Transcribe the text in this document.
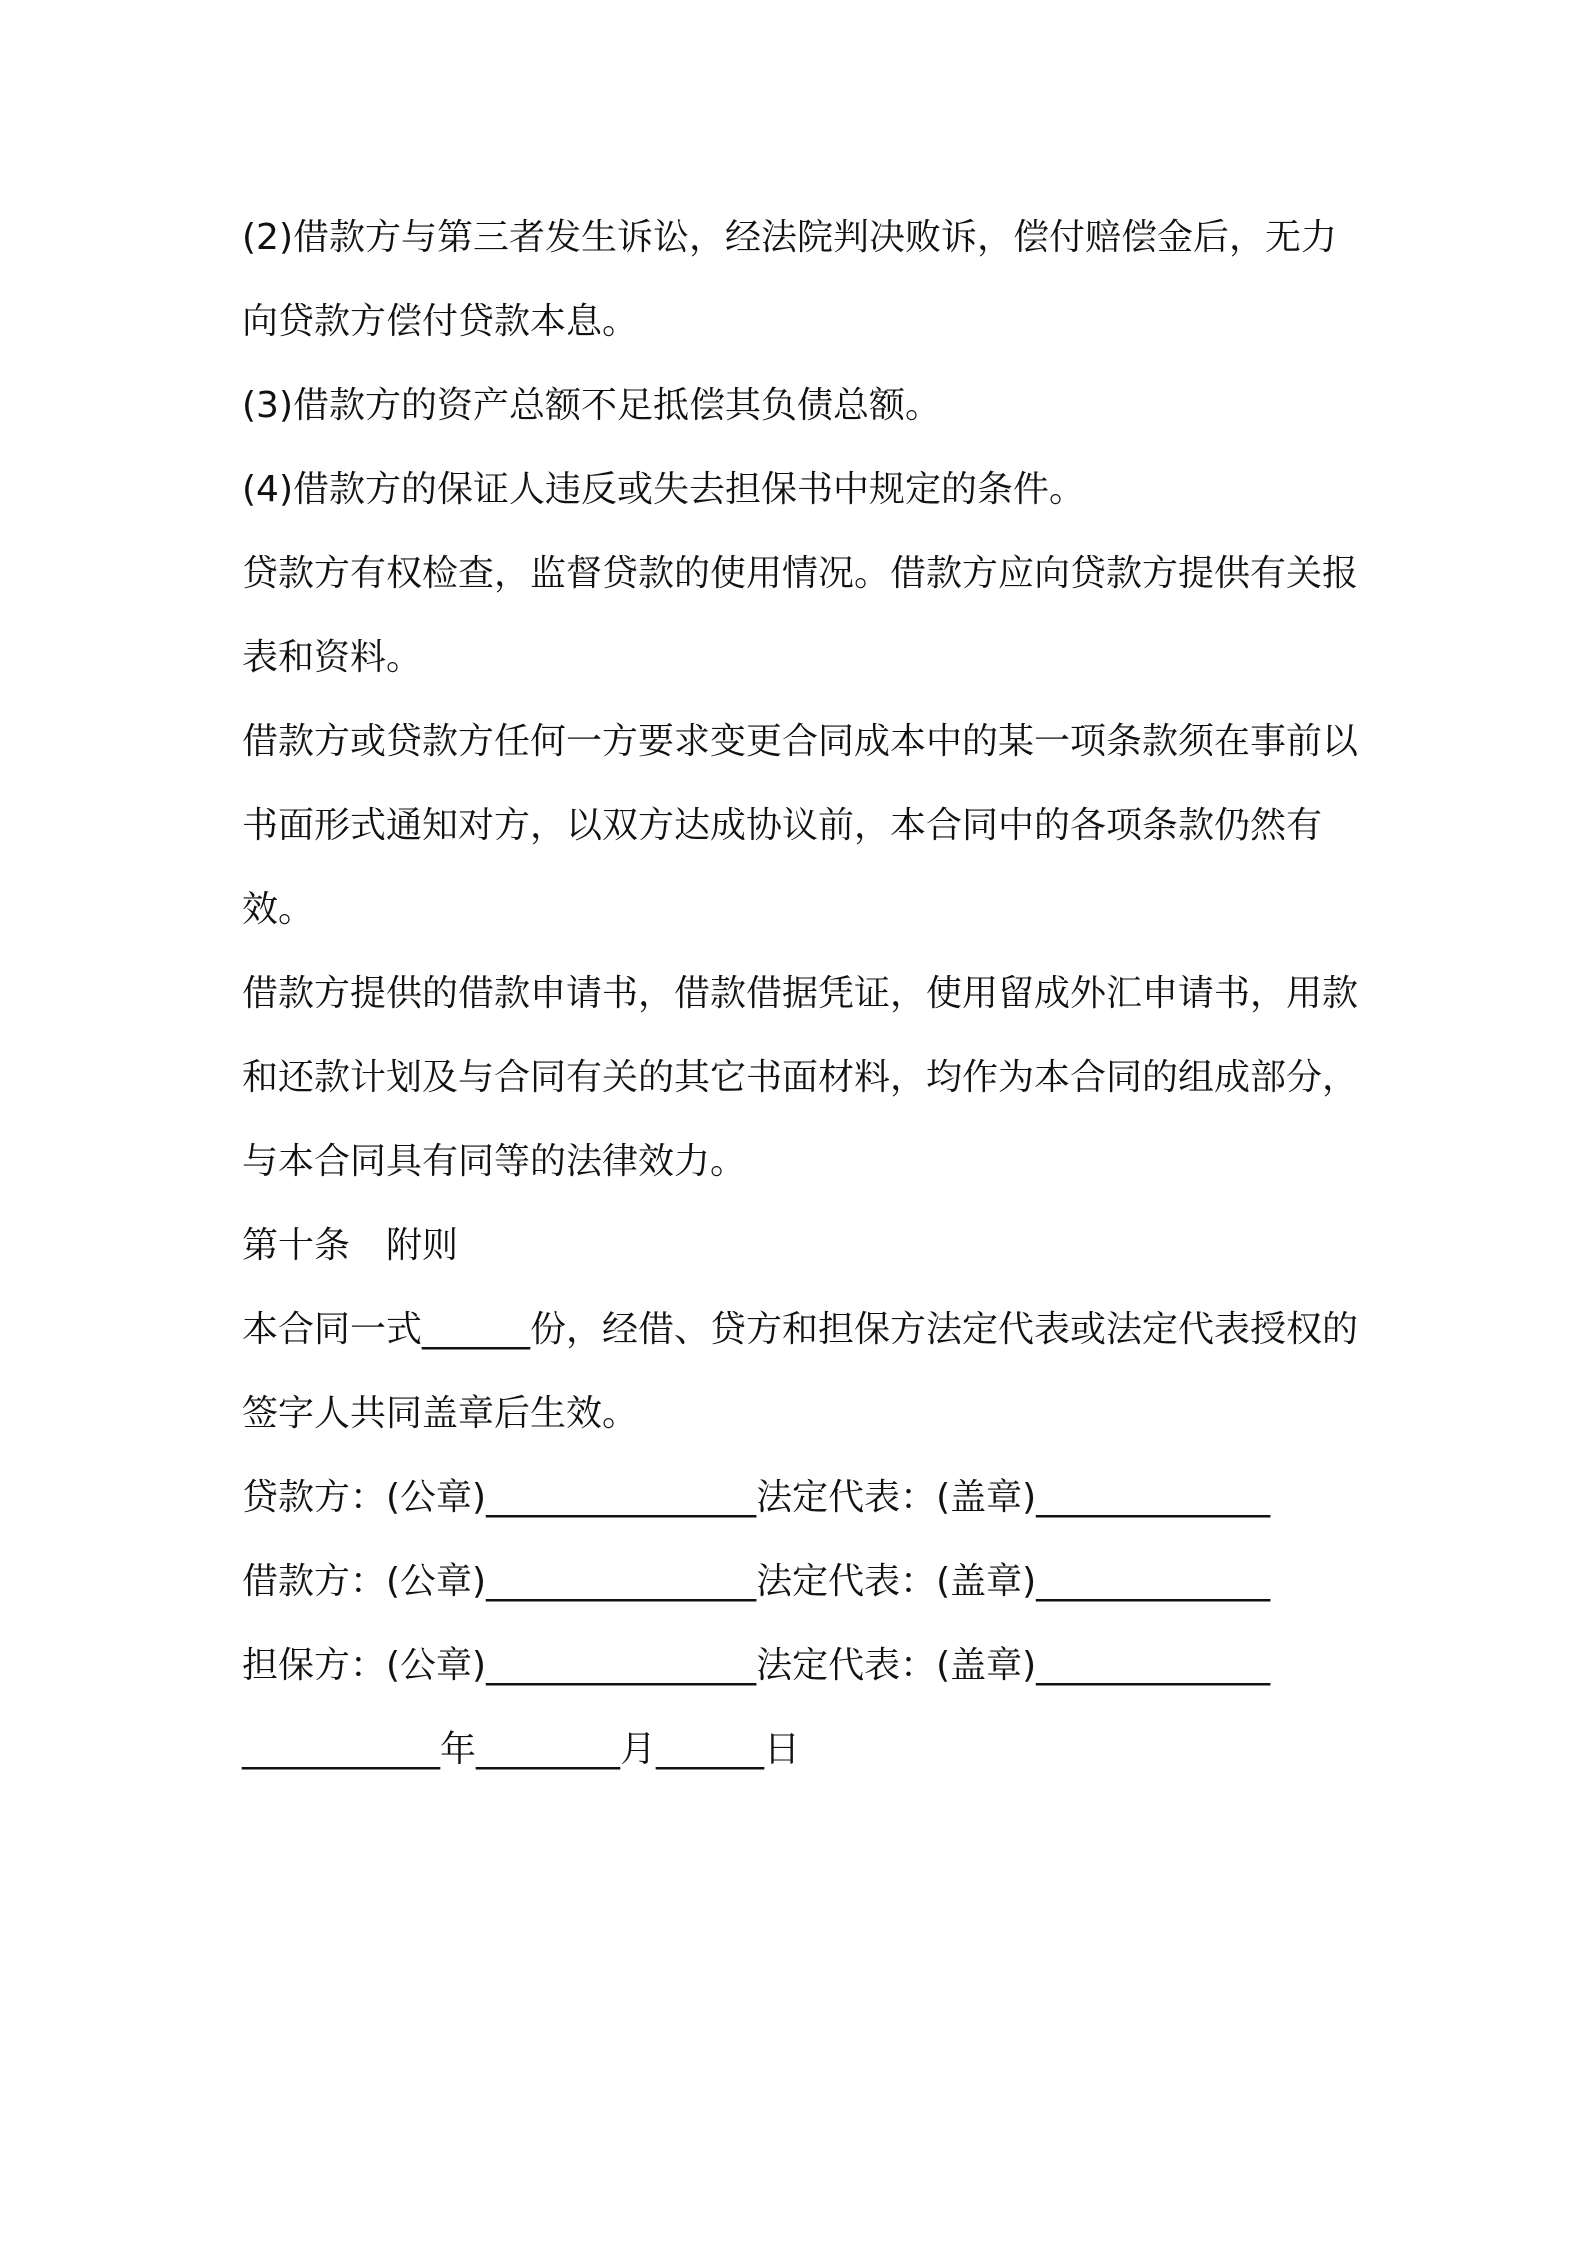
(2)借款方与第三者发生诉讼，经法院判决败诉，偿付赔偿金后，无力向贷款方偿付贷款本息。

(3)借款方的资产总额不足抵偿其负债总额。

(4)借款方的保证人违反或失去担保书中规定的条件。

贷款方有权检查，监督贷款的使用情况。借款方应向贷款方提供有关报表和资料。

借款方或贷款方任何一方要求变更合同成本中的某一项条款须在事前以书面形式通知对方，以双方达成协议前，本合同中的各项条款仍然有效。

借款方提供的借款申请书，借款借据凭证，使用留成外汇申请书，用款和还款计划及与合同有关的其它书面材料，均作为本合同的组成部分，与本合同具有同等的法律效力。

第十条　附则

本合同一式______份，经借、贷方和担保方法定代表或法定代表授权的签字人共同盖章后生效。

贷款方：(公章)_______________法定代表：(盖章)_____________

借款方：(公章)_______________法定代表：(盖章)_____________

担保方：(公章)_______________法定代表：(盖章)_____________

___________年________月______日
